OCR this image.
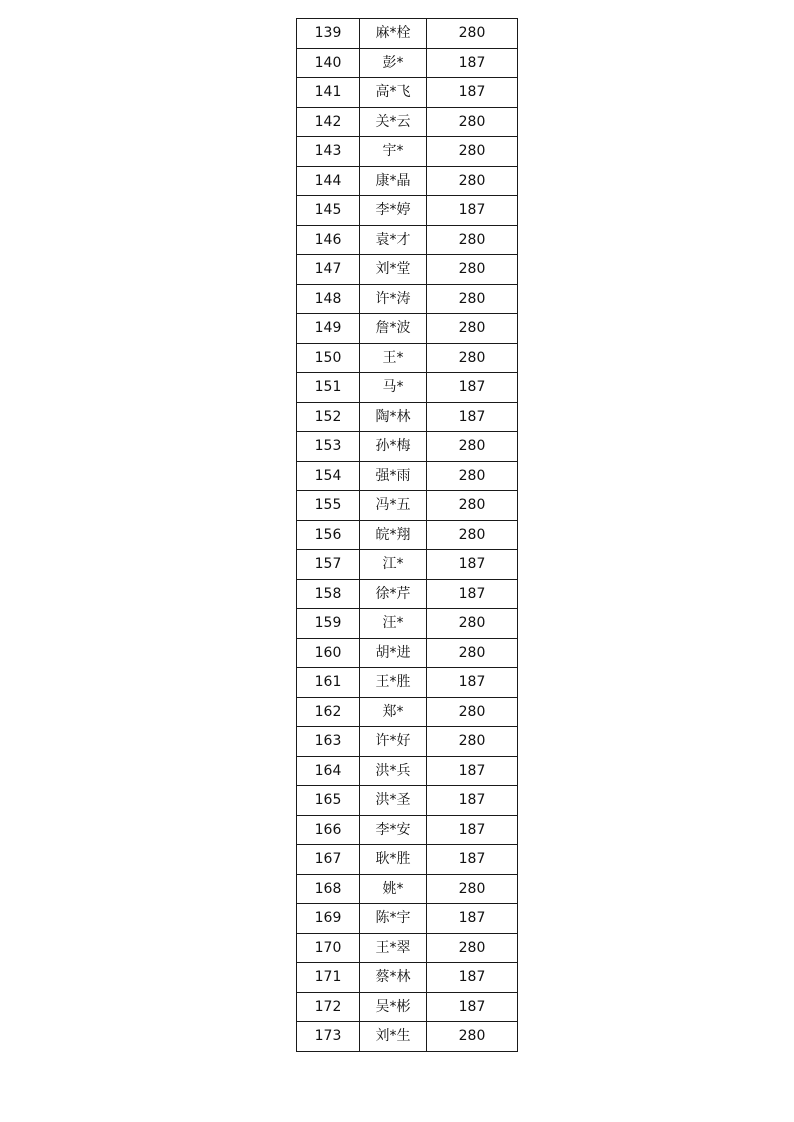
139	麻*栓	280
140	彭*	187
141	高*飞	187
142	关*云	280
143	宇*	280
144	康*晶	280
145	李*婷	187
146	袁*才	280
147	刘*堂	280
148	许*涛	280
149	詹*波	280
150	王*	280
151	马*	187
152	陶*林	187
153	孙*梅	280
154	强*雨	280
155	冯*五	280
156	皖*翔	280
157	江*	187
158	徐*芹	187
159	汪*	280
160	胡*进	280
161	王*胜	187
162	郑*	280
163	许*好	280
164	洪*兵	187
165	洪*圣	187
166	李*安	187
167	耿*胜	187
168	姚*	280
169	陈*宇	187
170	王*翠	280
171	蔡*林	187
172	吴*彬	187
173	刘*生	280
